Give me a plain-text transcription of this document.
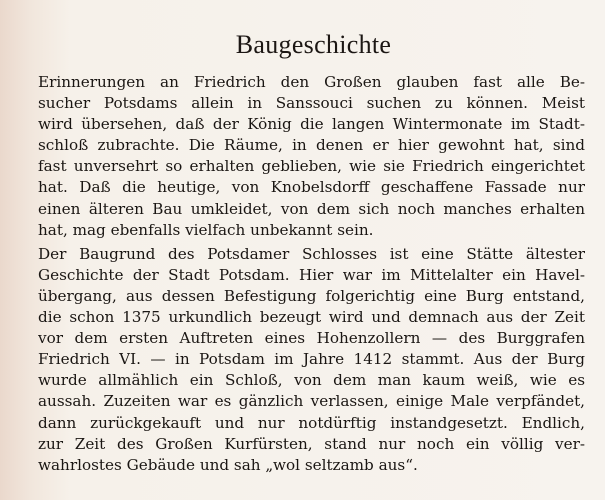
Baugeschichte
Erinnerungen an Friedrich den Großen glauben fast alle Be-
sucher Potsdams allein in Sanssouci suchen zu können. Meist
wird übersehen, daß der König die langen Wintermonate im Stadt-
schloß zubrachte. Die Räume, in denen er hier gewohnt hat, sind
fast unversehrt so erhalten geblieben, wie sie Friedrich eingerichtet
hat. Daß die heutige, von Knobelsdorff geschaffene Fassade nur
einen älteren Bau umkleidet, von dem sich noch manches erhalten
hat, mag ebenfalls vielfach unbekannt sein.
Der Baugrund des Potsdamer Schlosses ist eine Stätte ältester
Geschichte der Stadt Potsdam. Hier war im Mittelalter ein Havel-
übergang, aus dessen Befestigung folgerichtig eine Burg entstand,
die schon 1375 urkundlich bezeugt wird und demnach aus der Zeit
vor dem ersten Auftreten eines Hohenzollern — des Burggrafen
Friedrich VI. — in Potsdam im Jahre 1412 stammt. Aus der Burg
wurde allmählich ein Schloß, von dem man kaum weiß, wie es
aussah. Zuzeiten war es gänzlich verlassen, einige Male verpfändet,
dann zurückgekauft und nur notdürftig instandgesetzt. Endlich,
zur Zeit des Großen Kurfürsten, stand nur noch ein völlig ver-
wahrlostes Gebäude und sah „wol seltzamb aus“.
